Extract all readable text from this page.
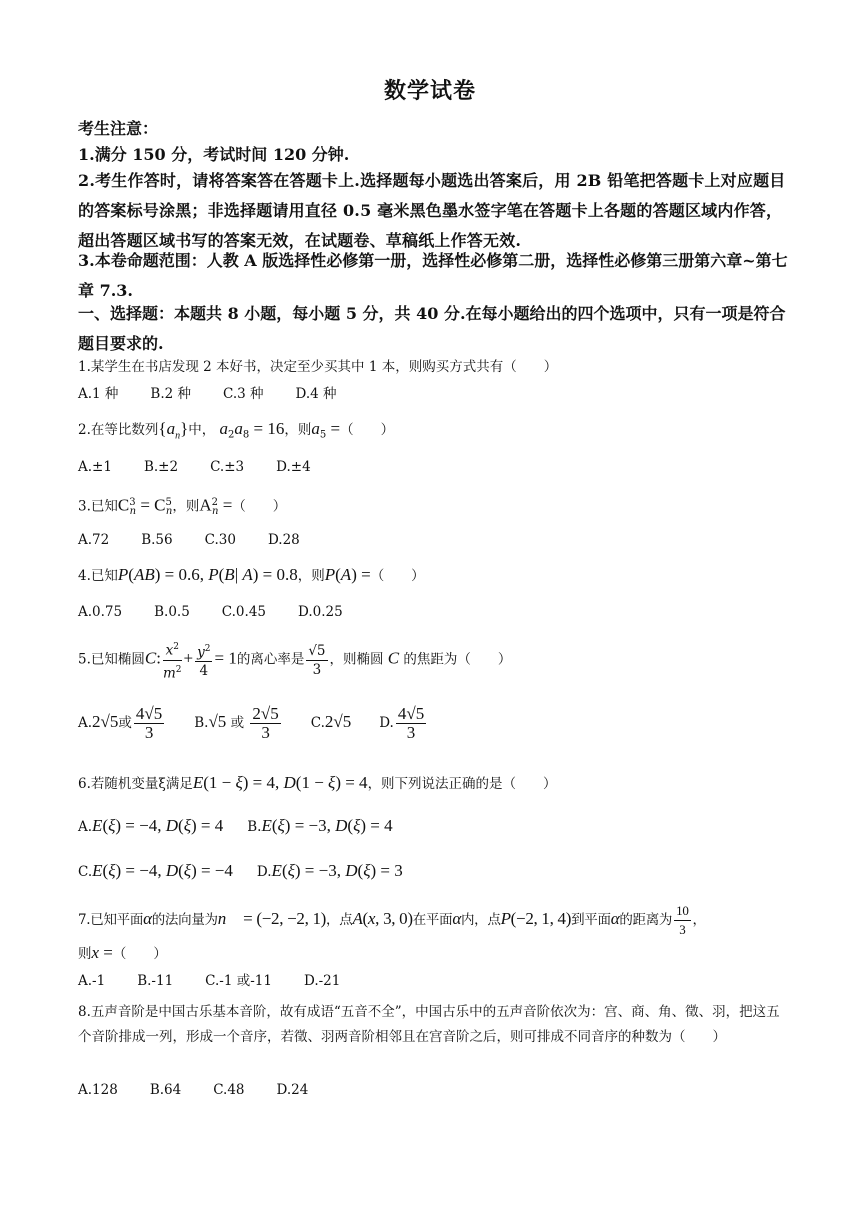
数学试卷
考生注意：
1.满分 150 分，考试时间 120 分钟.
2.考生作答时，请将答案答在答题卡上.选择题每小题选出答案后，用 2B 铅笔把答题卡上对应题目的答案标号涂黑；非选择题请用直径 0.5 毫米黑色墨水签字笔在答题卡上各题的答题区域内作答，超出答题区域书写的答案无效，在试题卷、草稿纸上作答无效.
3.本卷命题范围：人教 A 版选择性必修第一册，选择性必修第二册，选择性必修第三册第六章~第七章 7.3.
一、选择题：本题共 8 小题，每小题 5 分，共 40 分.在每小题给出的四个选项中，只有一项是符合题目要求的.
1.某学生在书店发现 2 本好书，决定至少买其中 1 本，则购买方式共有（　　）
A.1 种 B.2 种 C.3 种 D.4 种
2.在等比数列$\{a_n\}$中， $a_2a_8 = 16$，则$a_5$ =（　　）
A.±1 B.±2 C.±3 D.±4
3.已知$C^3_n = C^5_n$，则$A^2_n$ =（　　）
A.72 B.56 C.30 D.28
4.已知P(AB) = 0.6, P(B| A) = 0.8，则P(A) =（　　）
A.0.75 B.0.5 C.0.45 D.0.25
5.已知椭圆C: $\frac{x^2}{m^2} + \frac{y^2}{4} = 1$的离心率是 $\frac{√5}{3}$ ，则椭圆 C 的焦距为（　　）
A.2√5或 $\frac{4√5}{3} B.√5$ 或 $\frac{2√5}{3} C.2√5$ D. $\frac{4√5}{3}$
6.若随机变量ξ满足E(1 − ξ) = 4, D(1 − ξ) = 4，则下列说法正确的是（　　）
A.E(ξ) = −4, D(ξ) = 4 B.E(ξ) = −3, D(ξ) = 4
C.E(ξ) = −4, D(ξ) = −4 D.E(ξ) = −3, D(ξ) = 3
7.已知平面α的法向量为n⃗ = (−2, −2, 1)，点A(x, 3, 0)在平面α内，点P(−2, 1, 4)到平面α的距离为 $\frac{10}{3}$ ，
则x =（　　）
A.-1 B.-11 C.-1 或-11 D.-21
8.五声音阶是中国古乐基本音阶，故有成语“五音不全”，中国古乐中的五声音阶依次为：宫、商、角、徵、羽，把这五个音阶排成一列，形成一个音序，若徵、羽两音阶相邻且在宫音阶之后，则可排成不同音序的种数为（　　）
A.128 B.64 C.48 D.24
